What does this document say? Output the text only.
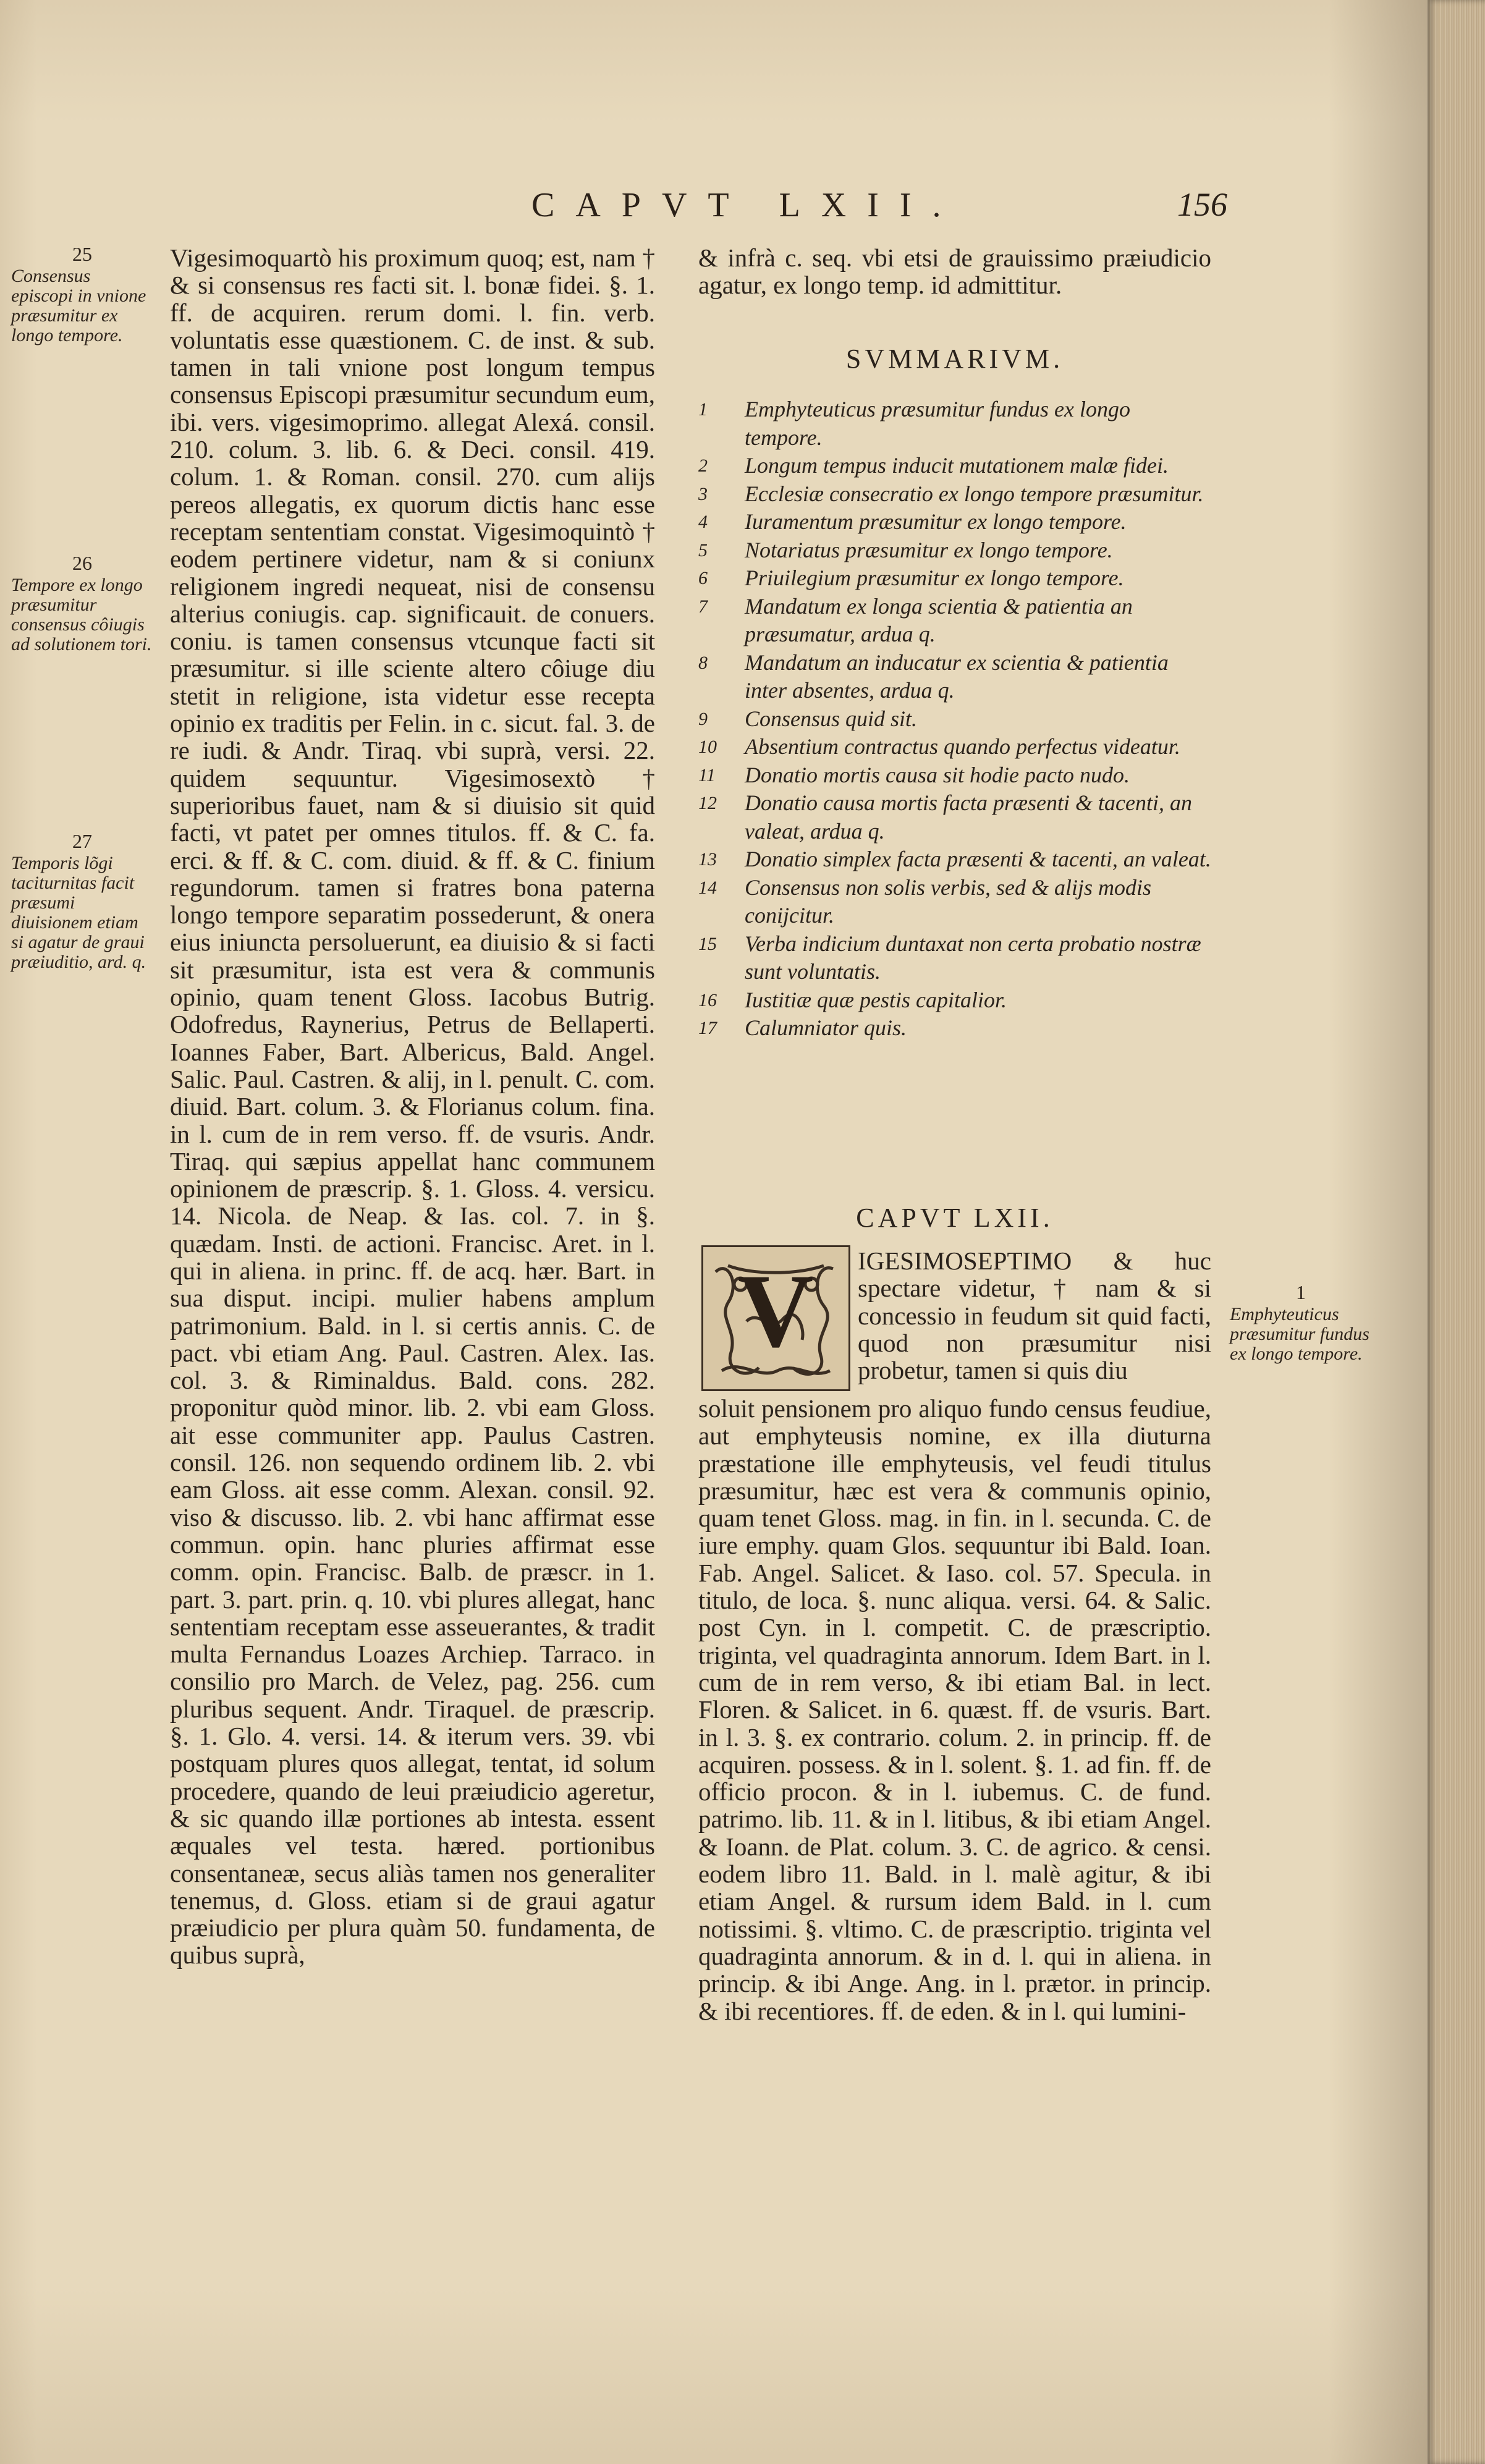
CAPVT LXII.	156
25
Consensus episcopi in vnione præsumitur ex longo tempore.
26
Tempore ex longo præsumitur consensus côiugis ad solutionem tori.
27
Temporis lõgi taciturnitas facit præsumi diuisionem etiam si agatur de graui præiuditio, ard. q.

Vigesimoquartò his proximum quoq; est, nam † & si consensus res facti sit. l. bonæ fidei. §. 1. ff. de acquiren. rerum domi. l. fin. verb. voluntatis esse quæstionem. C. de inst. & sub. tamen in tali vnione post longum tempus consensus Episcopi præsumitur secundum eum, ibi. vers. vigesimoprimo. allegat Alexá. consil. 210. colum. 3. lib. 6. & Deci. consil. 419. colum. 1. & Roman. consil. 270. cum alijs pereos allegatis, ex quorum dictis hanc esse receptam sententiam constat. Vigesimoquintò † eodem pertinere videtur, nam & si coniunx religionem ingredi nequeat, nisi de consensu alterius coniugis. cap. significauit. de conuers. coniu. is tamen consensus vtcunque facti sit præsumitur. si ille sciente altero côiuge diu stetit in religione, ista videtur esse recepta opinio ex traditis per Felin. in c. sicut. fal. 3. de re iudi. & Andr. Tiraq. vbi suprà, versi. 22. quidem sequuntur. Vigesimosextò † superioribus fauet, nam & si diuisio sit quid facti, vt patet per omnes titulos. ff. & C. fa. erci. & ff. & C. com. diuid. & ff. & C. finium regundorum. tamen si fratres bona paterna longo tempore separatim possederunt, & onera eius iniuncta persoluerunt, ea diuisio & si facti sit præsumitur, ista est vera & communis opinio, quam tenent Gloss. Iacobus Butrig. Odofredus, Raynerius, Petrus de Bellaperti. Ioannes Faber, Bart. Albericus, Bald. Angel. Salic. Paul. Castren. & alij, in l. penult. C. com. diuid. Bart. colum. 3. & Florianus colum. fina. in l. cum de in rem verso. ff. de vsuris. Andr. Tiraq. qui sæpius appellat hanc communem opinionem de præscrip. §. 1. Gloss. 4. versicu. 14. Nicola. de Neap. & Ias. col. 7. in §. quædam. Insti. de actioni. Francisc. Aret. in l. qui in aliena. in princ. ff. de acq. hær. Bart. in sua disput. incipi. mulier habens amplum patrimonium. Bald. in l. si certis annis. C. de pact. vbi etiam Ang. Paul. Castren. Alex. Ias. col. 3. & Riminaldus. Bald. cons. 282. proponitur quòd minor. lib. 2. vbi eam Gloss. ait esse communiter app. Paulus Castren. consil. 126. non sequendo ordinem lib. 2. vbi eam Gloss. ait esse comm. Alexan. consil. 92. viso & discusso. lib. 2. vbi hanc affirmat esse commun. opin. hanc pluries affirmat esse comm. opin. Francisc. Balb. de præscr. in 1. part. 3. part. prin. q. 10. vbi plures allegat, hanc sententiam receptam esse asseuerantes, & tradit multa Fernandus Loazes Archiep. Tarraco. in consilio pro March. de Velez, pag. 256. cum pluribus sequent. Andr. Tiraquel. de præscrip. §. 1. Glo. 4. versi. 14. & iterum vers. 39. vbi postquam plures quos allegat, tentat, id solum procedere, quando de leui præiudicio ageretur, & sic quando illæ portiones ab intesta. essent æquales vel testa. hæred. portionibus consentaneæ, secus aliàs tamen nos generaliter tenemus, d. Gloss. etiam si de graui agatur præiudicio per plura quàm 50. fundamenta, de quibus suprà,

& infrà c. seq. vbi etsi de grauissimo præiudicio agatur, ex longo temp. id admittitur.

SVMMARIVM.
1	Emphyteuticus præsumitur fundus ex longo tempore.
2	Longum tempus inducit mutationem malæ fidei.
3	Ecclesiæ consecratio ex longo tempore præsumitur.
4	Iuramentum præsumitur ex longo tempore.
5	Notariatus præsumitur ex longo tempore.
6	Priuilegium præsumitur ex longo tempore.
7	Mandatum ex longa scientia & patientia an præsumatur, ardua q.
8	Mandatum an inducatur ex scientia & patientia inter absentes, ardua q.
9	Consensus quid sit.
10 Absentium contractus quando perfectus videatur.
11	Donatio mortis causa sit hodie pacto nudo.
12 Donatio causa mortis facta præsenti & tacenti, an valeat, ardua q.
13 Donatio simplex facta præsenti & tacenti, an valeat.
14 Consensus non solis verbis, sed & alijs modis conijcitur.
15 Verba indicium duntaxat non certa probatio nostræ sunt voluntatis.
16 Iustitiæ quæ pestis capitalior.
17 Calumniator quis.
CAPVT LXII.
V IGESIMOSEPTIMO & huc spectare videtur, † nam & si concessio in feudum sit quid facti, quod non præsumitur nisi probetur, tamen si quis diu

soluit pensionem pro aliquo fundo census feudiue, aut emphyteusis nomine, ex illa diuturna præstatione ille emphyteusis, vel feudi titulus præsumitur, hæc est vera & communis opinio, quam tenet Gloss. mag. in fin. in l. secunda. C. de iure emphy. quam Glos. sequuntur ibi Bald. Ioan. Fab. Angel. Salicet. & Iaso. col. 57. Specula. in titulo, de loca. §. nunc aliqua. versi. 64. & Salic. post Cyn. in l. competit. C. de præscriptio. triginta, vel quadraginta annorum. Idem Bart. in l. cum de in rem verso, & ibi etiam Bal. in lect. Floren. & Salicet. in 6. quæst. ff. de vsuris. Bart. in l. 3. §. ex contrario. colum. 2. in princip. ff. de acquiren. possess. & in l. solent. §. 1. ad fin. ff. de officio procon. & in l. iubemus. C. de fund. patrimo. lib. 11. & in l. litibus, & ibi etiam Angel. & Ioann. de Plat. colum. 3. C. de agrico. & censi. eodem libro 11. Bald. in l. malè agitur, & ibi etiam Angel. & rursum idem Bald. in l. cum notissimi. §. vltimo. C. de præscriptio. triginta vel quadraginta annorum. & in d. l. qui in aliena. in princip. & ibi Ange. Ang. in l. prætor. in princip. & ibi recentiores. ff. de eden. & in l. qui lumini-

1
Emphyteuticus præsumitur fundus ex longo tempore.
